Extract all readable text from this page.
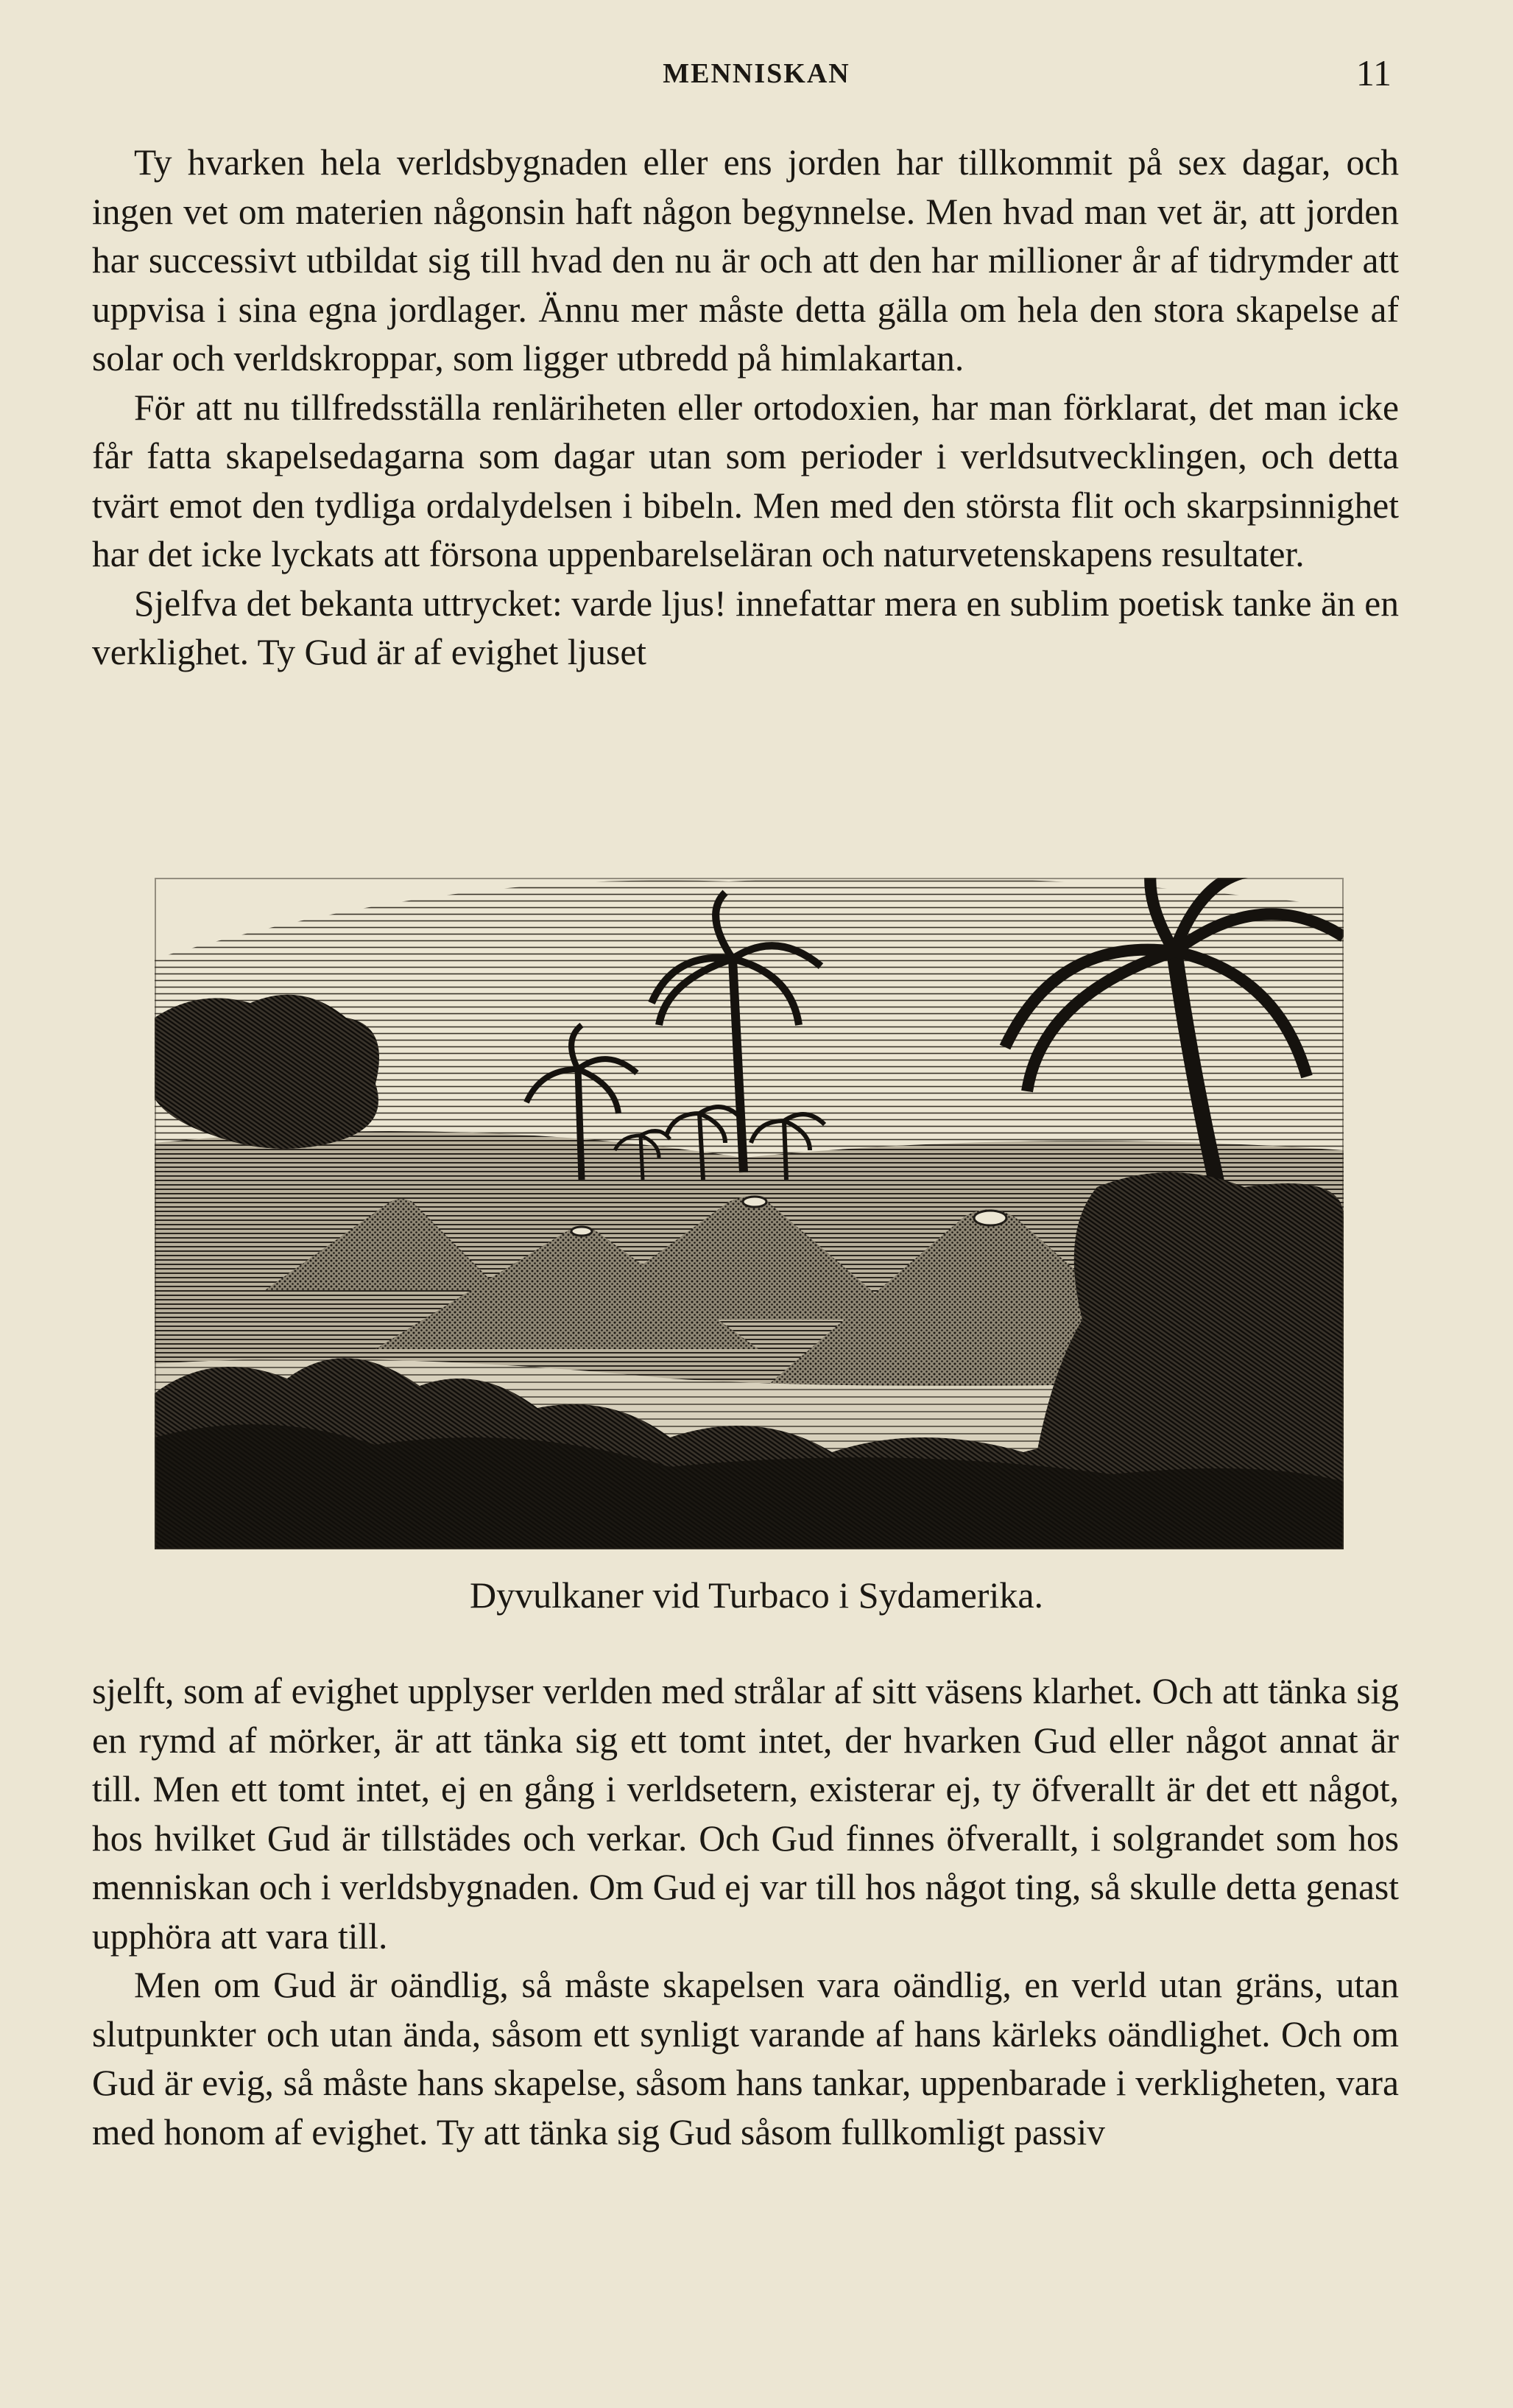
MENNISKAN	11

Ty hvarken hela verldsbygnaden eller ens jorden har tillkommit på sex dagar, och ingen vet om materien någonsin haft någon begynnelse. Men hvad man vet är, att jorden har successivt utbildat sig till hvad den nu är och att den har millioner år af tidrymder att uppvisa i sina egna jordlager. Ännu mer måste detta gälla om hela den stora skapelse af solar och verldskroppar, som ligger utbredd på himlakartan.

För att nu tillfredsställa renläriheten eller ortodoxien, har man förklarat, det man icke får fatta skapelsedagarna som dagar utan som perioder i verldsutvecklingen, och detta tvärt emot den tydliga ordalydelsen i bibeln. Men med den största flit och skarpsinnighet har det icke lyckats att försona uppenbarelseläran och naturvetenskapens resultater.

Sjelfva det bekanta uttrycket: varde ljus! innefattar mera en sublim poetisk tanke än en verklighet. Ty Gud är af evighet ljuset

Dyvulkaner vid Turbaco i Sydamerika.

sjelft, som af evighet upplyser verlden med strålar af sitt väsens klarhet. Och att tänka sig en rymd af mörker, är att tänka sig ett tomt intet, der hvarken Gud eller något annat är till. Men ett tomt intet, ej en gång i verldsetern, existerar ej, ty öfverallt är det ett något, hos hvilket Gud är tillstädes och verkar. Och Gud finnes öfverallt, i solgrandet som hos menniskan och i verldsbygnaden. Om Gud ej var till hos något ting, så skulle detta genast upphöra att vara till.

Men om Gud är oändlig, så måste skapelsen vara oändlig, en verld utan gräns, utan slutpunkter och utan ända, såsom ett synligt varande af hans kärleks oändlighet. Och om Gud är evig, så måste hans skapelse, såsom hans tankar, uppenbarade i verkligheten, vara med honom af evighet. Ty att tänka sig Gud såsom fullkomligt passiv
